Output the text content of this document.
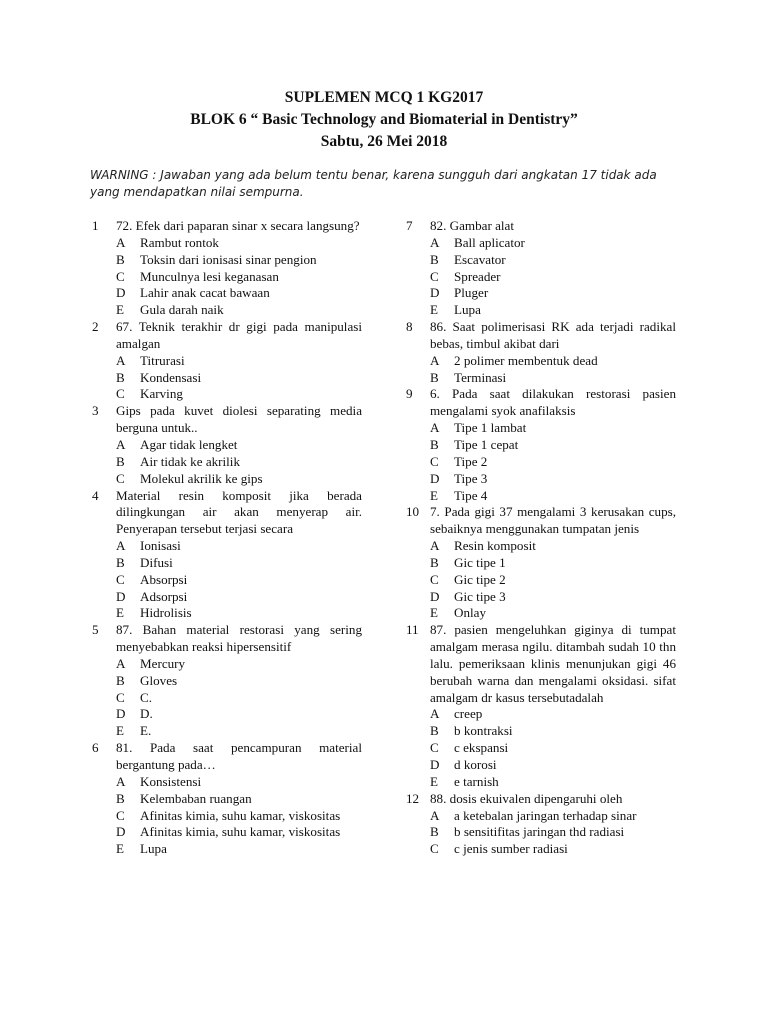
SUPLEMEN MCQ 1 KG2017
BLOK 6 “ Basic Technology and Biomaterial in Dentistry”
Sabtu, 26 Mei 2018
WARNING : Jawaban yang ada belum tentu benar, karena sungguh dari angkatan 17 tidak ada yang mendapatkan nilai sempurna.
1 72. Efek dari paparan sinar x secara langsung?
A Rambut rontok
B Toksin dari ionisasi sinar pengion
C Munculnya lesi keganasan
D Lahir anak cacat bawaan
E Gula darah naik
2 67. Teknik terakhir dr gigi pada manipulasi amalgan
A Titrurasi
B Kondensasi
C Karving
3 Gips pada kuvet diolesi separating media berguna untuk..
A Agar tidak lengket
B Air tidak ke akrilik
C Molekul akrilik ke gips
4 Material resin komposit jika berada dilingkungan air akan menyerap air. Penyerapan tersebut terjasi secara
A Ionisasi
B Difusi
C Absorpsi
D Adsorpsi
E Hidrolisis
5 87. Bahan material restorasi yang sering menyebabkan reaksi hipersensitif
A Mercury
B Gloves
C C.
D D.
E E.
6 81. Pada saat pencampuran material bergantung pada…
A Konsistensi
B Kelembaban ruangan
C Afinitas kimia, suhu kamar, viskositas
D Afinitas kimia, suhu kamar, viskositas
E Lupa
7 82. Gambar alat
A Ball aplicator
B Escavator
C Spreader
D Pluger
E Lupa
8 86. Saat polimerisasi RK ada terjadi radikal bebas, timbul akibat dari
A 2 polimer membentuk dead
B Terminasi
9 6. Pada saat dilakukan restorasi pasien mengalami syok anafilaksis
A Tipe 1 lambat
B Tipe 1 cepat
C Tipe 2
D Tipe 3
E Tipe 4
10 7. Pada gigi 37 mengalami 3 kerusakan cups, sebaiknya menggunakan tumpatan jenis
A Resin komposit
B Gic tipe 1
C Gic tipe 2
D Gic tipe 3
E Onlay
11 87. pasien mengeluhkan giginya di tumpat amalgam merasa ngilu. ditambah sudah 10 thn lalu. pemeriksaan klinis menunjukan gigi 46 berubah warna dan mengalami oksidasi. sifat amalgam dr kasus tersebutadalah
A creep
B b kontraksi
C c ekspansi
D d korosi
E e tarnish
12 88. dosis ekuivalen dipengaruhi oleh
A a ketebalan jaringan terhadap sinar
B b sensitifitas jaringan thd radiasi
C c jenis sumber radiasi
